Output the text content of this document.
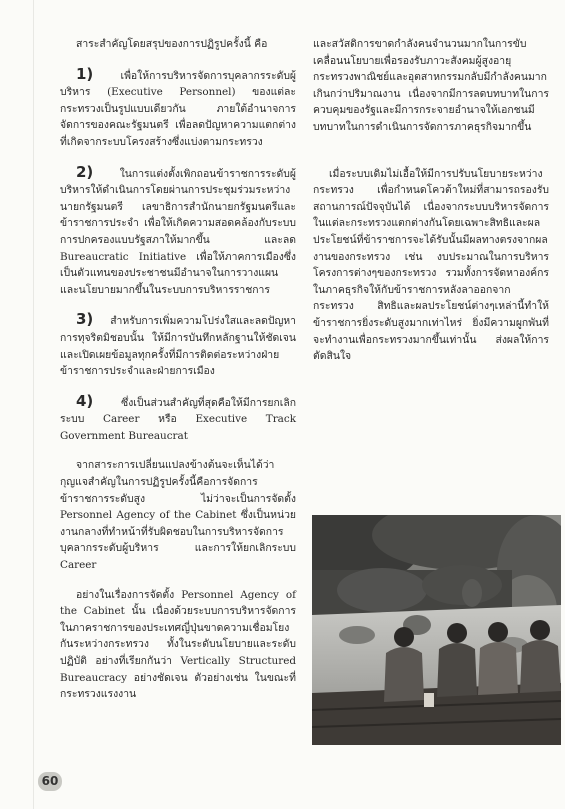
สาระสำคัญโดยสรุปของการปฏิรูปครั้งนี้ คือ

1)	เพื่อให้การบริหารจัดการบุคลากรระดับผู้บริหาร (Executive Personnel) ของแต่ละกระทรวงเป็นรูปแบบเดียวกัน ภายใต้อำนาจการจัดการของคณะรัฐมนตรี เพื่อลดปัญหาความแตกต่างที่เกิดจากระบบโครงสร้างซึ่งแบ่งตามกระทรวง

2)	ในการแต่งตั้งเพิกถอนข้าราชการระดับผู้บริหารให้ดำเนินการโดยผ่านการประชุมร่วมระหว่างนายกรัฐมนตรี เลขาธิการสำนักนายกรัฐมนตรีและข้าราชการประจำ เพื่อให้เกิดความสอดคล้องกับระบบการปกครองแบบรัฐสภาให้มากขึ้น และลด Bureaucratic Initiative เพื่อให้ภาคการเมืองซึ่งเป็นตัวแทนของประชาชนมีอำนาจในการวางแผนและนโยบายมากขึ้นในระบบการบริหารราชการ

3) สำหรับการเพิ่มความโปร่งใสและลดปัญหาการทุจริตมิชอบนั้น ให้มีการบันทึกหลักฐานให้ชัดเจนและเปิดเผยข้อมูลทุกครั้งที่มีการติดต่อระหว่างฝ่ายข้าราชการประจำและฝ่ายการเมือง

4)	ซึ่งเป็นส่วนสำคัญที่สุดคือให้มีการยกเลิกระบบ Career หรือ Executive Track Government Bureaucrat

จากสาระการเปลี่ยนแปลงข้างต้นจะเห็นได้ว่ากุญแจสำคัญในการปฏิรูปครั้งนี้คือการจัดการข้าราชการระดับสูง ไม่ว่าจะเป็นการจัดตั้ง Personnel Agency of the Cabinet ซึ่งเป็นหน่วยงานกลางที่ทำหน้าที่รับผิดชอบในการบริหารจัดการบุคลากรระดับผู้บริหาร และการให้ยกเลิกระบบ Career

อย่างในเรื่องการจัดตั้ง Personnel Agency of the Cabinet นั้น เนื่องด้วยระบบการบริหารจัดการในภาคราชการของประเทศญี่ปุ่นขาดความเชื่อมโยงกันระหว่างกระทรวง ทั้งในระดับนโยบายและระดับปฏิบัติ อย่างที่เรียกกันว่า Vertically Structured Bureaucracy อย่างชัดเจน ตัวอย่างเช่น ในขณะที่กระทรวงแรงงาน

และสวัสดิการขาดกำลังคนจำนวนมากในการขับเคลื่อนนโยบายเพื่อรองรับภาวะสังคมผู้สูงอายุ กระทรวงพาณิชย์และอุตสาหกรรมกลับมีกำลังคนมากเกินกว่าปริมาณงาน เนื่องจากมีการลดบทบาทในการควบคุมของรัฐและมีการกระจายอำนาจให้เอกชนมีบทบาทในการดำเนินการจัดการภาคธุรกิจมากขึ้น

เมื่อระบบเดิมไม่เอื้อให้มีการปรับนโยบายระหว่างกระทรวง เพื่อกำหนดโควต้าใหม่ที่สามารถรองรับสถานการณ์ปัจจุบันได้ เนื่องจากระบบบริหารจัดการในแต่ละกระทรวงแตกต่างกันโดยเฉพาะสิทธิและผลประโยชน์ที่ข้าราชการจะได้รับนั้นมีผลทางตรงจากผลงานของกระทรวง เช่น งบประมาณในการบริหารโครงการต่างๆของกระทรวง รวมทั้งการจัดหาองค์กรในภาคธุรกิจให้กับข้าราชการหลังลาออกจากกระทรวง สิทธิและผลประโยชน์ต่างๆเหล่านี้ทำให้ข้าราชการยิ่งระดับสูงมากเท่าไหร่ ยิ่งมีความผูกพันที่จะทำงานเพื่อกระทรวงมากขึ้นเท่านั้น ส่งผลให้การตัดสินใจ

60
